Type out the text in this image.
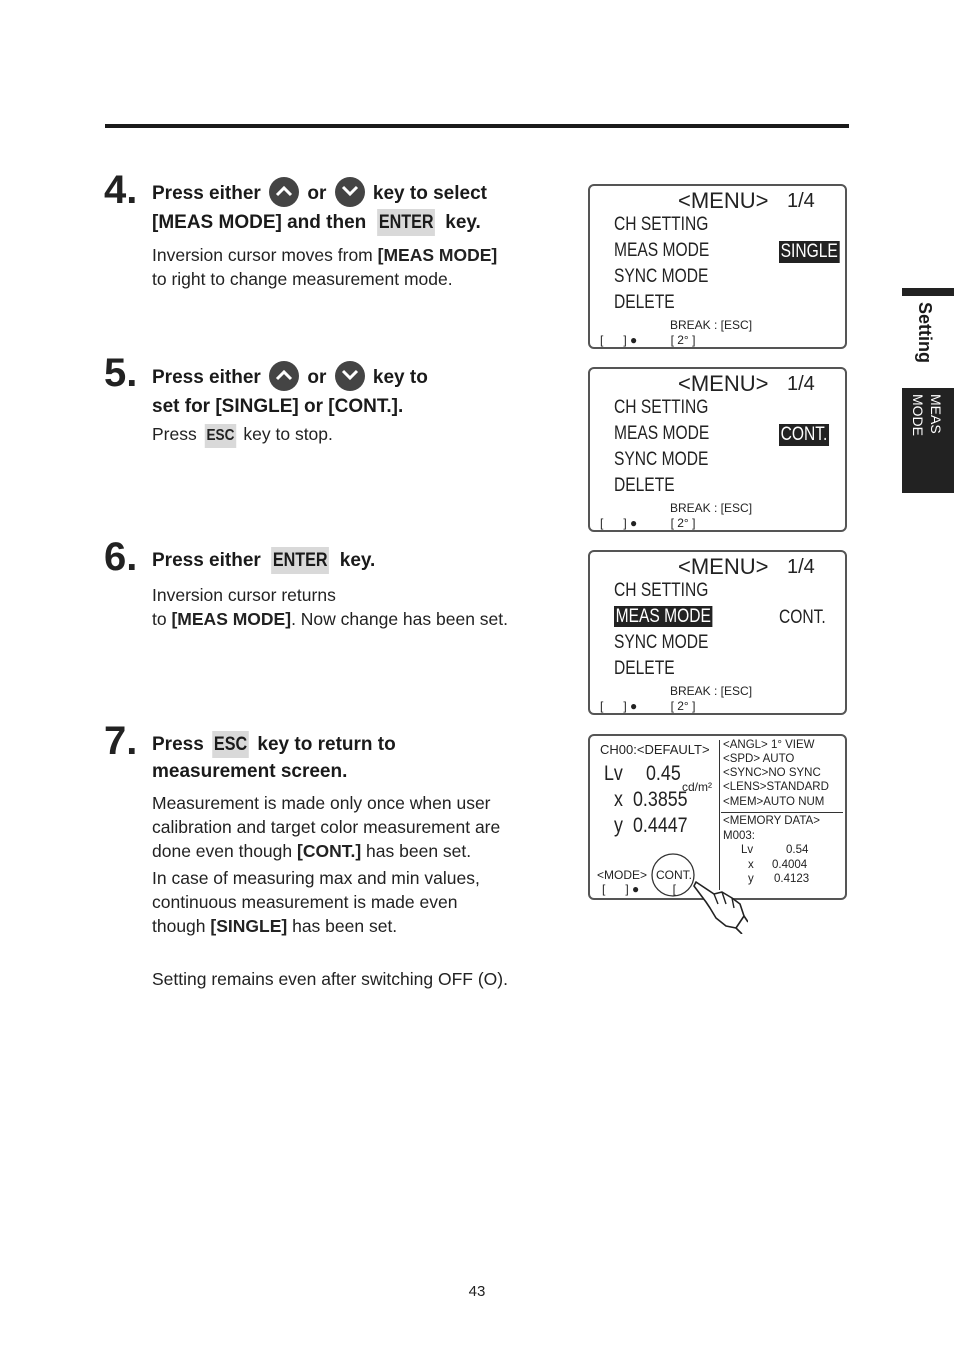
Setting
MEAS
MODE
4. Press either or key to select
[MEAS MODE] and then ENTER key.
Inversion cursor moves from [MEAS MODE]
to right to change measurement mode.
5. Press either or key to
set for [SINGLE] or [CONT.].
Press ESC key to stop.
6. Press either ENTER key.
Inversion cursor returns
to [MEAS MODE]. Now change has been set.
7. Press ESC key to return to
measurement screen.
Measurement is made only once when user
calibration and target color measurement are
done even though [CONT.] has been set.
In case of measuring max and min values,
continuous measurement is made even
though [SINGLE] has been set.
Setting remains even after switching OFF (O).
<MENU> 1/4
CH SETTING
MEAS MODE
SYNC MODE
DELETE
SINGLE
BREAK : [ESC]
[      ] ●          [ 2° ]
<MENU> 1/4
CH SETTING
MEAS MODE
SYNC MODE
DELETE
CONT.
BREAK : [ESC]
[      ] ●          [ 2° ]
<MENU> 1/4
CH SETTING
MEAS MODE
SYNC MODE
DELETE
CONT.
BREAK : [ESC]
[      ] ●          [ 2° ]
CH00:<DEFAULT>
Lv 0.45
cd/m²
x 0.3855
y 0.4447
<MODE> CONT.
[      ] ●          [
<ANGL> 1° VIEW
<SPD> AUTO
<SYNC>NO SYNC
<LENS>STANDARD
<MEM>AUTO NUM
<MEMORY DATA>
M003:
Lv	0.54
x 0.4004
y 0.4123
43
